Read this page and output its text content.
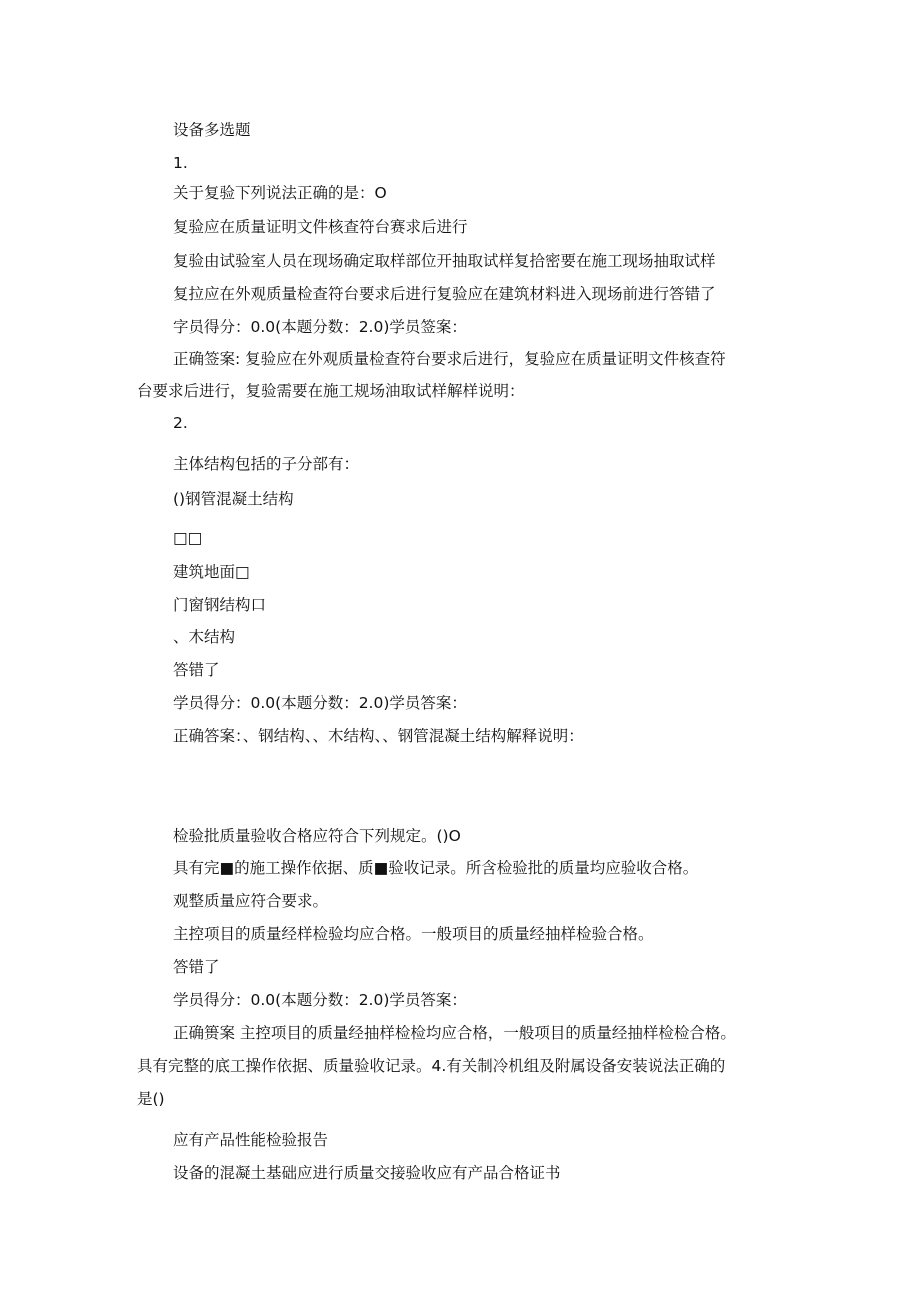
设备多选题
1.
关于复验下列说法正确的是：O
复验应在质量证明文件核查符台赛求后进行
复验由试验室人员在现场确定取样部位开抽取试样复拾密要在施工现场抽取试样
复拉应在外观质量检查符台要求后进行复验应在建筑材料进入现场前进行答错了
字员得分：0.0(本题分数：2.0)学员签案：
正确签案: 复验应在外观质量检查符台要求后进行，复验应在质量证明文件核查符
台要求后进行，复验需要在施工规场油取试样解样说明：
2.
主体结构包括的子分部有：
()钢管混凝土结构
□□
建筑地面□
门窗钢结构口
、木结构
答错了
学员得分：0.0(本题分数：2.0)学员答案：
正确答案：、钢结构、、木结构、、钢管混凝土结构解释说明：
检验批质量验收合格应符合下列规定。()O
具有完■的施工操作依据、质■验收记录。所含检验批的质量均应验收合格。
观整质量应符合要求。
主控项目的质量经样检验均应合格。一般项目的质量经抽样检验合格。
答错了
学员得分：0.0(本题分数：2.0)学员答案：
正确篑案 主控项目的质量经抽样检检均应合格，一般项目的质量经抽样检检合格。
具有完整的底工操作依据、质量验收记录。4.有关制冷机组及附属设备安装说法正确的
是()
应有产品性能检验报告
设备的混凝土基础应进行质量交接验收应有产品合格证书
